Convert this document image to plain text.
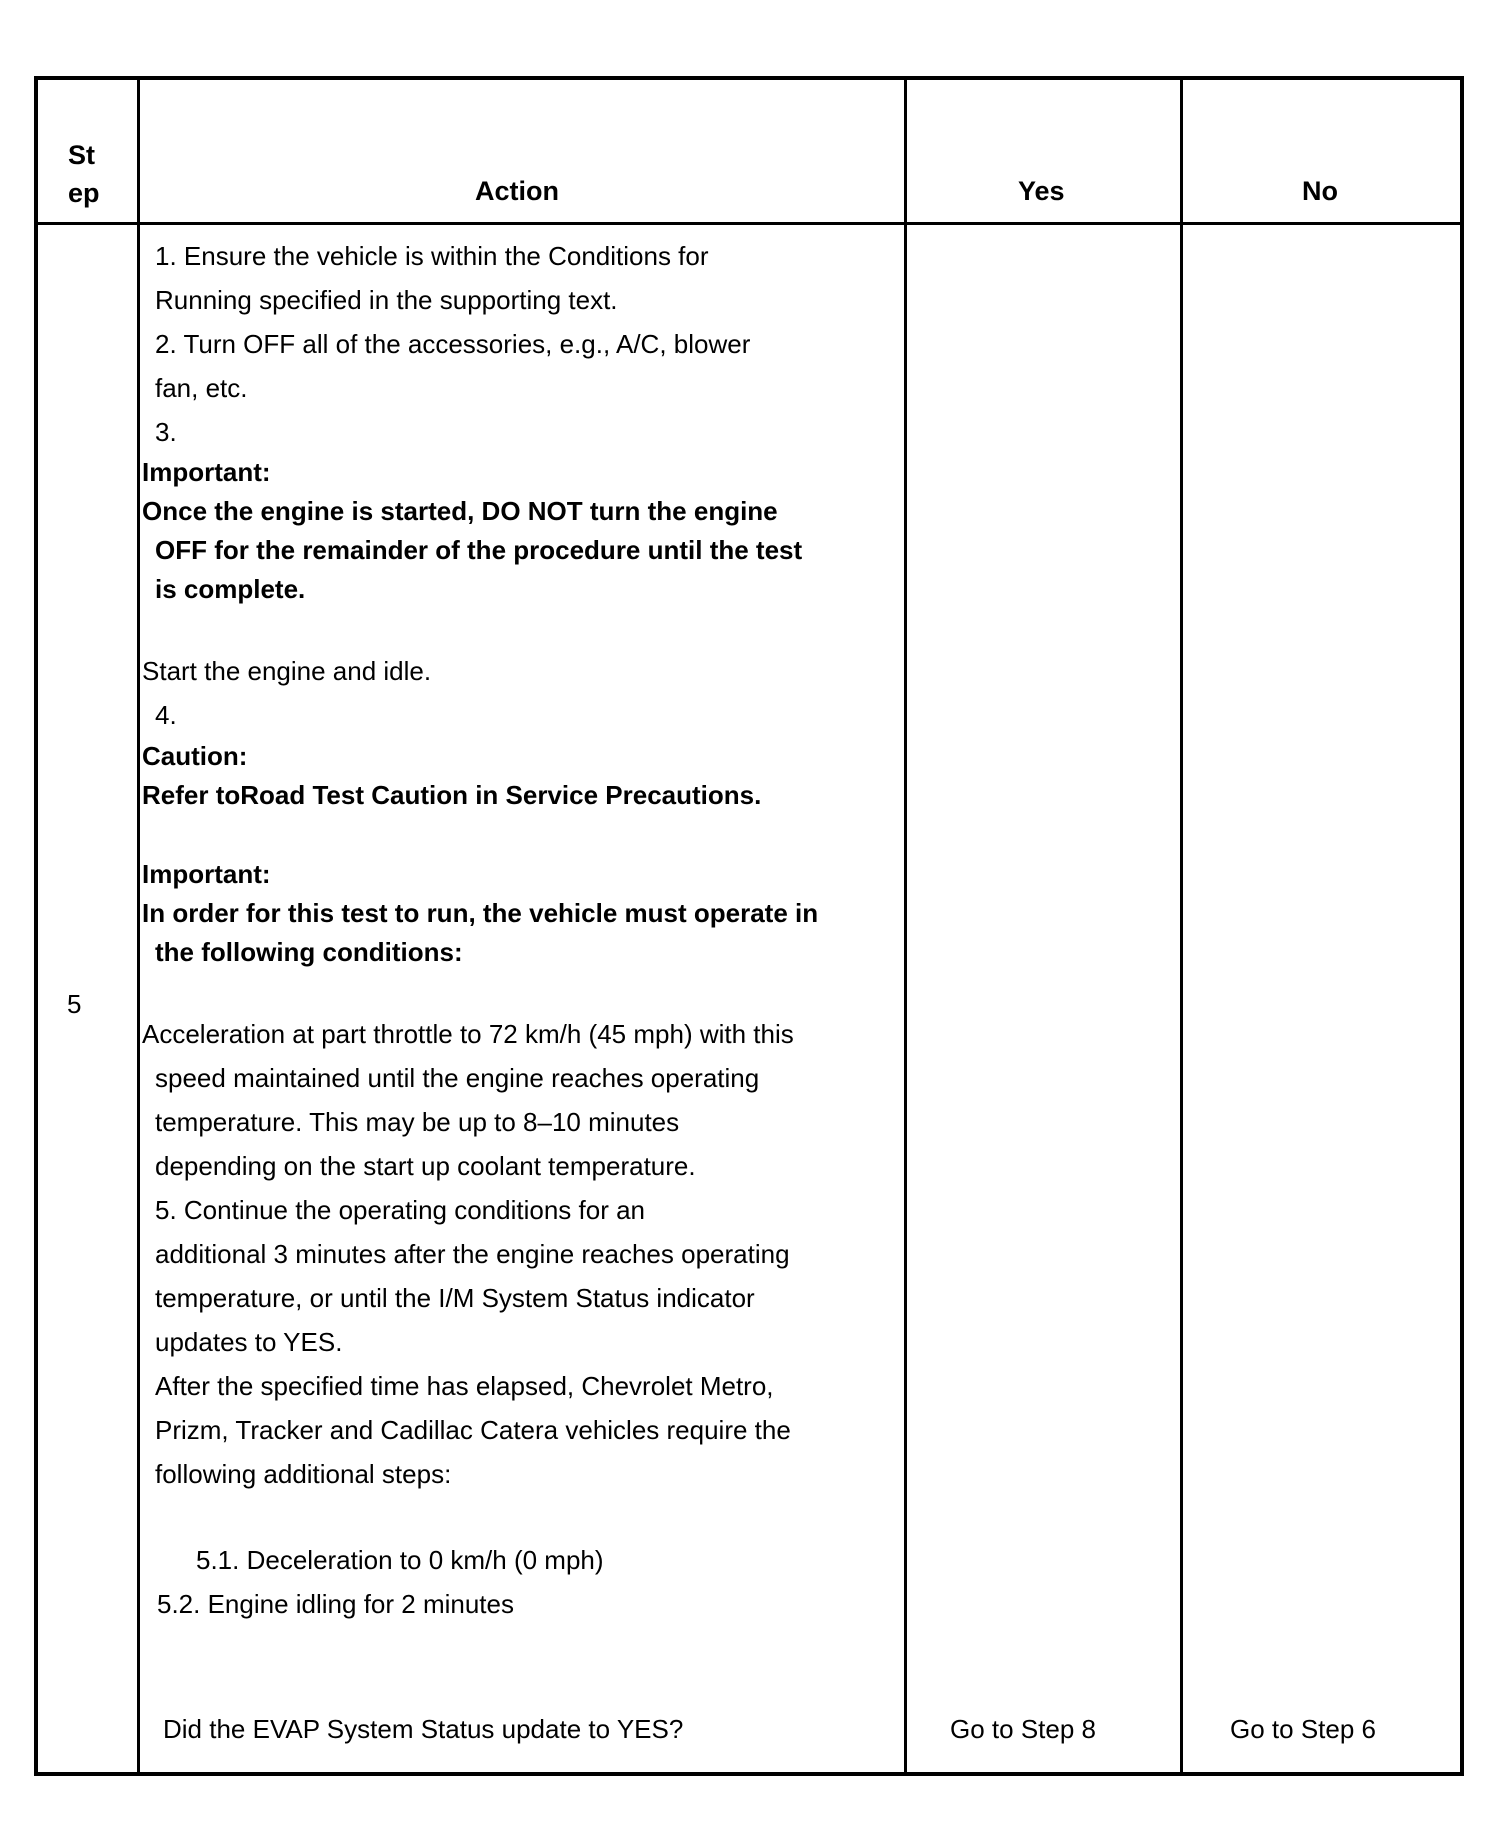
St
ep	Action	Yes	No
5
1. Ensure the vehicle is within the Conditions for
Running specified in the supporting text.
2. Turn OFF all of the accessories, e.g., A/C, blower
fan, etc.
3.
Important:
Once the engine is started, DO NOT turn the engine
OFF for the remainder of the procedure until the test
is complete.
Start the engine and idle.
4.
Caution:
Refer toRoad Test Caution in Service Precautions.
Important:
In order for this test to run, the vehicle must operate in
the following conditions:
Acceleration at part throttle to 72 km/h (45 mph) with this
speed maintained until the engine reaches operating
temperature. This may be up to 8–10 minutes
depending on the start up coolant temperature.
5. Continue the operating conditions for an
additional 3 minutes after the engine reaches operating
temperature, or until the I/M System Status indicator
updates to YES.
After the specified time has elapsed, Chevrolet Metro,
Prizm, Tracker and Cadillac Catera vehicles require the
following additional steps:
5.1. Deceleration to 0 km/h (0 mph)
5.2. Engine idling for 2 minutes
Did the EVAP System Status update to YES?	Go to Step 8	Go to Step 6
